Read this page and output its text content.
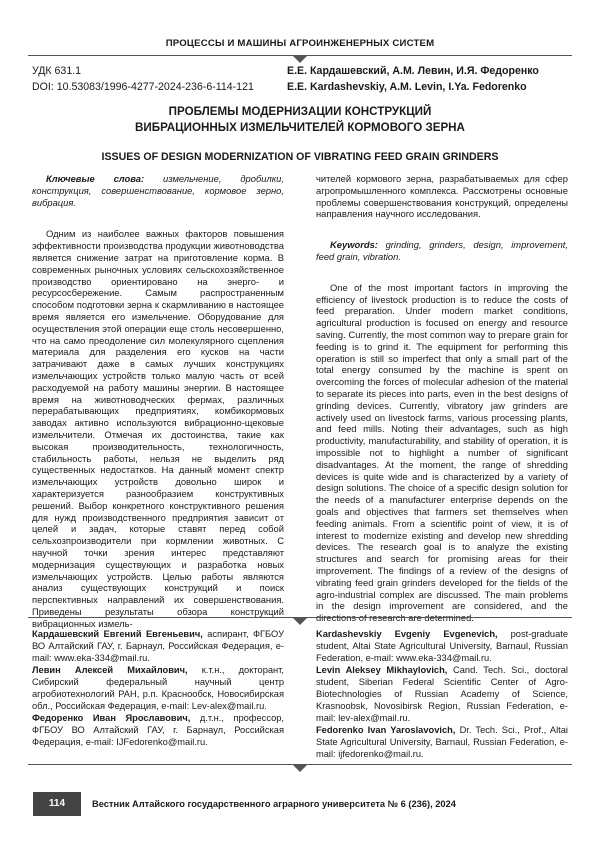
ПРОЦЕССЫ И МАШИНЫ АГРОИНЖЕНЕРНЫХ СИСТЕМ
УДК 631.1
DOI: 10.53083/1996-4277-2024-236-6-114-121
Е.Е. Кардашевский, А.М. Левин, И.Я. Федоренко
E.E. Kardashevskiy, A.M. Levin, I.Ya. Fedorenko
ПРОБЛЕМЫ МОДЕРНИЗАЦИИ КОНСТРУКЦИЙ
ВИБРАЦИОННЫХ ИЗМЕЛЬЧИТЕЛЕЙ КОРМОВОГО ЗЕРНА
ISSUES OF DESIGN MODERNIZATION OF VIBRATING FEED GRAIN GRINDERS

Ключевые слова: измельчение, дробилки, конструкция, совершенствование, кормовое зерно, вибрация.

Одним из наиболее важных факторов повышения эффективности производства продукции животноводства является снижение затрат на приготовление корма. В современных рыночных условиях сельскохозяйственное производство ориентировано на энерго- и ресурсосбережение. Самым распространенным способом подготовки зерна к скармливанию в настоящее время является его измельчение. Оборудование для осуществления этой операции еще столь несовершенно, что на само преодоление сил молекулярного сцепления материала для разделения его кусков на части затрачивают даже в самых лучших конструкциях измельчающих устройств только малую часть от всей расходуемой на работу машины энергии. В настоящее время на животноводческих фермах, различных перерабатывающих предприятиях, комбикормовых заводах активно используются вибрационно-щековые измельчители. Отмечая их достоинства, такие как высокая производительность, технологичность, стабильность работы, нельзя не выделить ряд существенных недостатков. На данный момент спектр измельчающих устройств довольно широк и характеризуется разнообразием конструктивных решений. Выбор конкретного конструктивного решения для нужд производственного предприятия зависит от целей и задач, которые ставят перед собой сельхозпроизводители при кормлении животных. С научной точки зрения интерес представляют модернизация существующих и разработка новых измельчающих устройств. Целью работы являются анализ существующих конструкций и поиск перспективных направлений их совершенствования. Приведены результаты обзора конструкций вибрационных измель-

чителей кормового зерна, разрабатываемых для сфер агропромышленного комплекса. Рассмотрены основные проблемы совершенствования конструкций, определены направления научного исследования.

Keywords: grinding, grinders, design, improvement, feed grain, vibration.

One of the most important factors in improving the efficiency of livestock production is to reduce the costs of feed preparation. Under modern market conditions, agricultural production is focused on energy and resource saving. Currently, the most common way to prepare grain for feeding is to grind it. The equipment for performing this operation is still so imperfect that only a small part of the total energy consumed by the machine is spent on overcoming the forces of molecular adhesion of the material to separate its pieces into parts, even in the best designs of grinding devices. Currently, vibratory jaw grinders are actively used on livestock farms, various processing plants, and feed mills. Noting their advantages, such as high productivity, manufacturability, and stability of operation, it is impossible not to highlight a number of significant disadvantages. At the moment, the range of shredding devices is quite wide and is characterized by a variety of design solutions. The choice of a specific design solution for the needs of a manufacturer enterprise depends on the goals and objectives that farmers set themselves when feeding animals. From a scientific point of view, it is of interest to modernize existing and develop new shredding devices. The research goal is to analyze the existing structures and search for promising areas for their improvement. The findings of a review of the designs of vibrating feed grain grinders developed for the fields of the agro-industrial complex are discussed. The main problems in the design improvement are considered, and the directions of research are determined.

Кардашевский Евгений Евгеньевич, аспирант, ФГБОУ ВО Алтайский ГАУ, г. Барнаул, Российская Федерация, e-mail: www.eka-334@mail.ru.

Левин Алексей Михайлович, к.т.н., докторант, Сибирский федеральный научный центр агробиотехнологий РАН, р.п. Краснообск, Новосибирская обл., Российская Федерация, e-mail: Lev-alex@mail.ru.

Федоренко Иван Ярославович, д.т.н., профессор, ФГБОУ ВО Алтайский ГАУ, г. Барнаул, Российская Федерация, e-mail: IJFedorenko@mail.ru.

Kardashevskiy Evgeniy Evgenevich, post-graduate student, Altai State Agricultural University, Barnaul, Russian Federation, e-mail: www.eka-334@mail.ru.

Levin Aleksey Mikhaylovich, Cand. Tech. Sci., doctoral student, Siberian Federal Scientific Center of Agro-Biotechnologies of Russian Academy of Science, Krasnoobsk, Novosibirsk Region, Russian Federation, e-mail: lev-alex@mail.ru.

Fedorenko Ivan Yaroslavovich, Dr. Tech. Sci., Prof., Altai State Agricultural University, Barnaul, Russian Federation, e-mail: ijfedorenko@mail.ru.

114	Вестник Алтайского государственного аграрного университета № 6 (236), 2024
